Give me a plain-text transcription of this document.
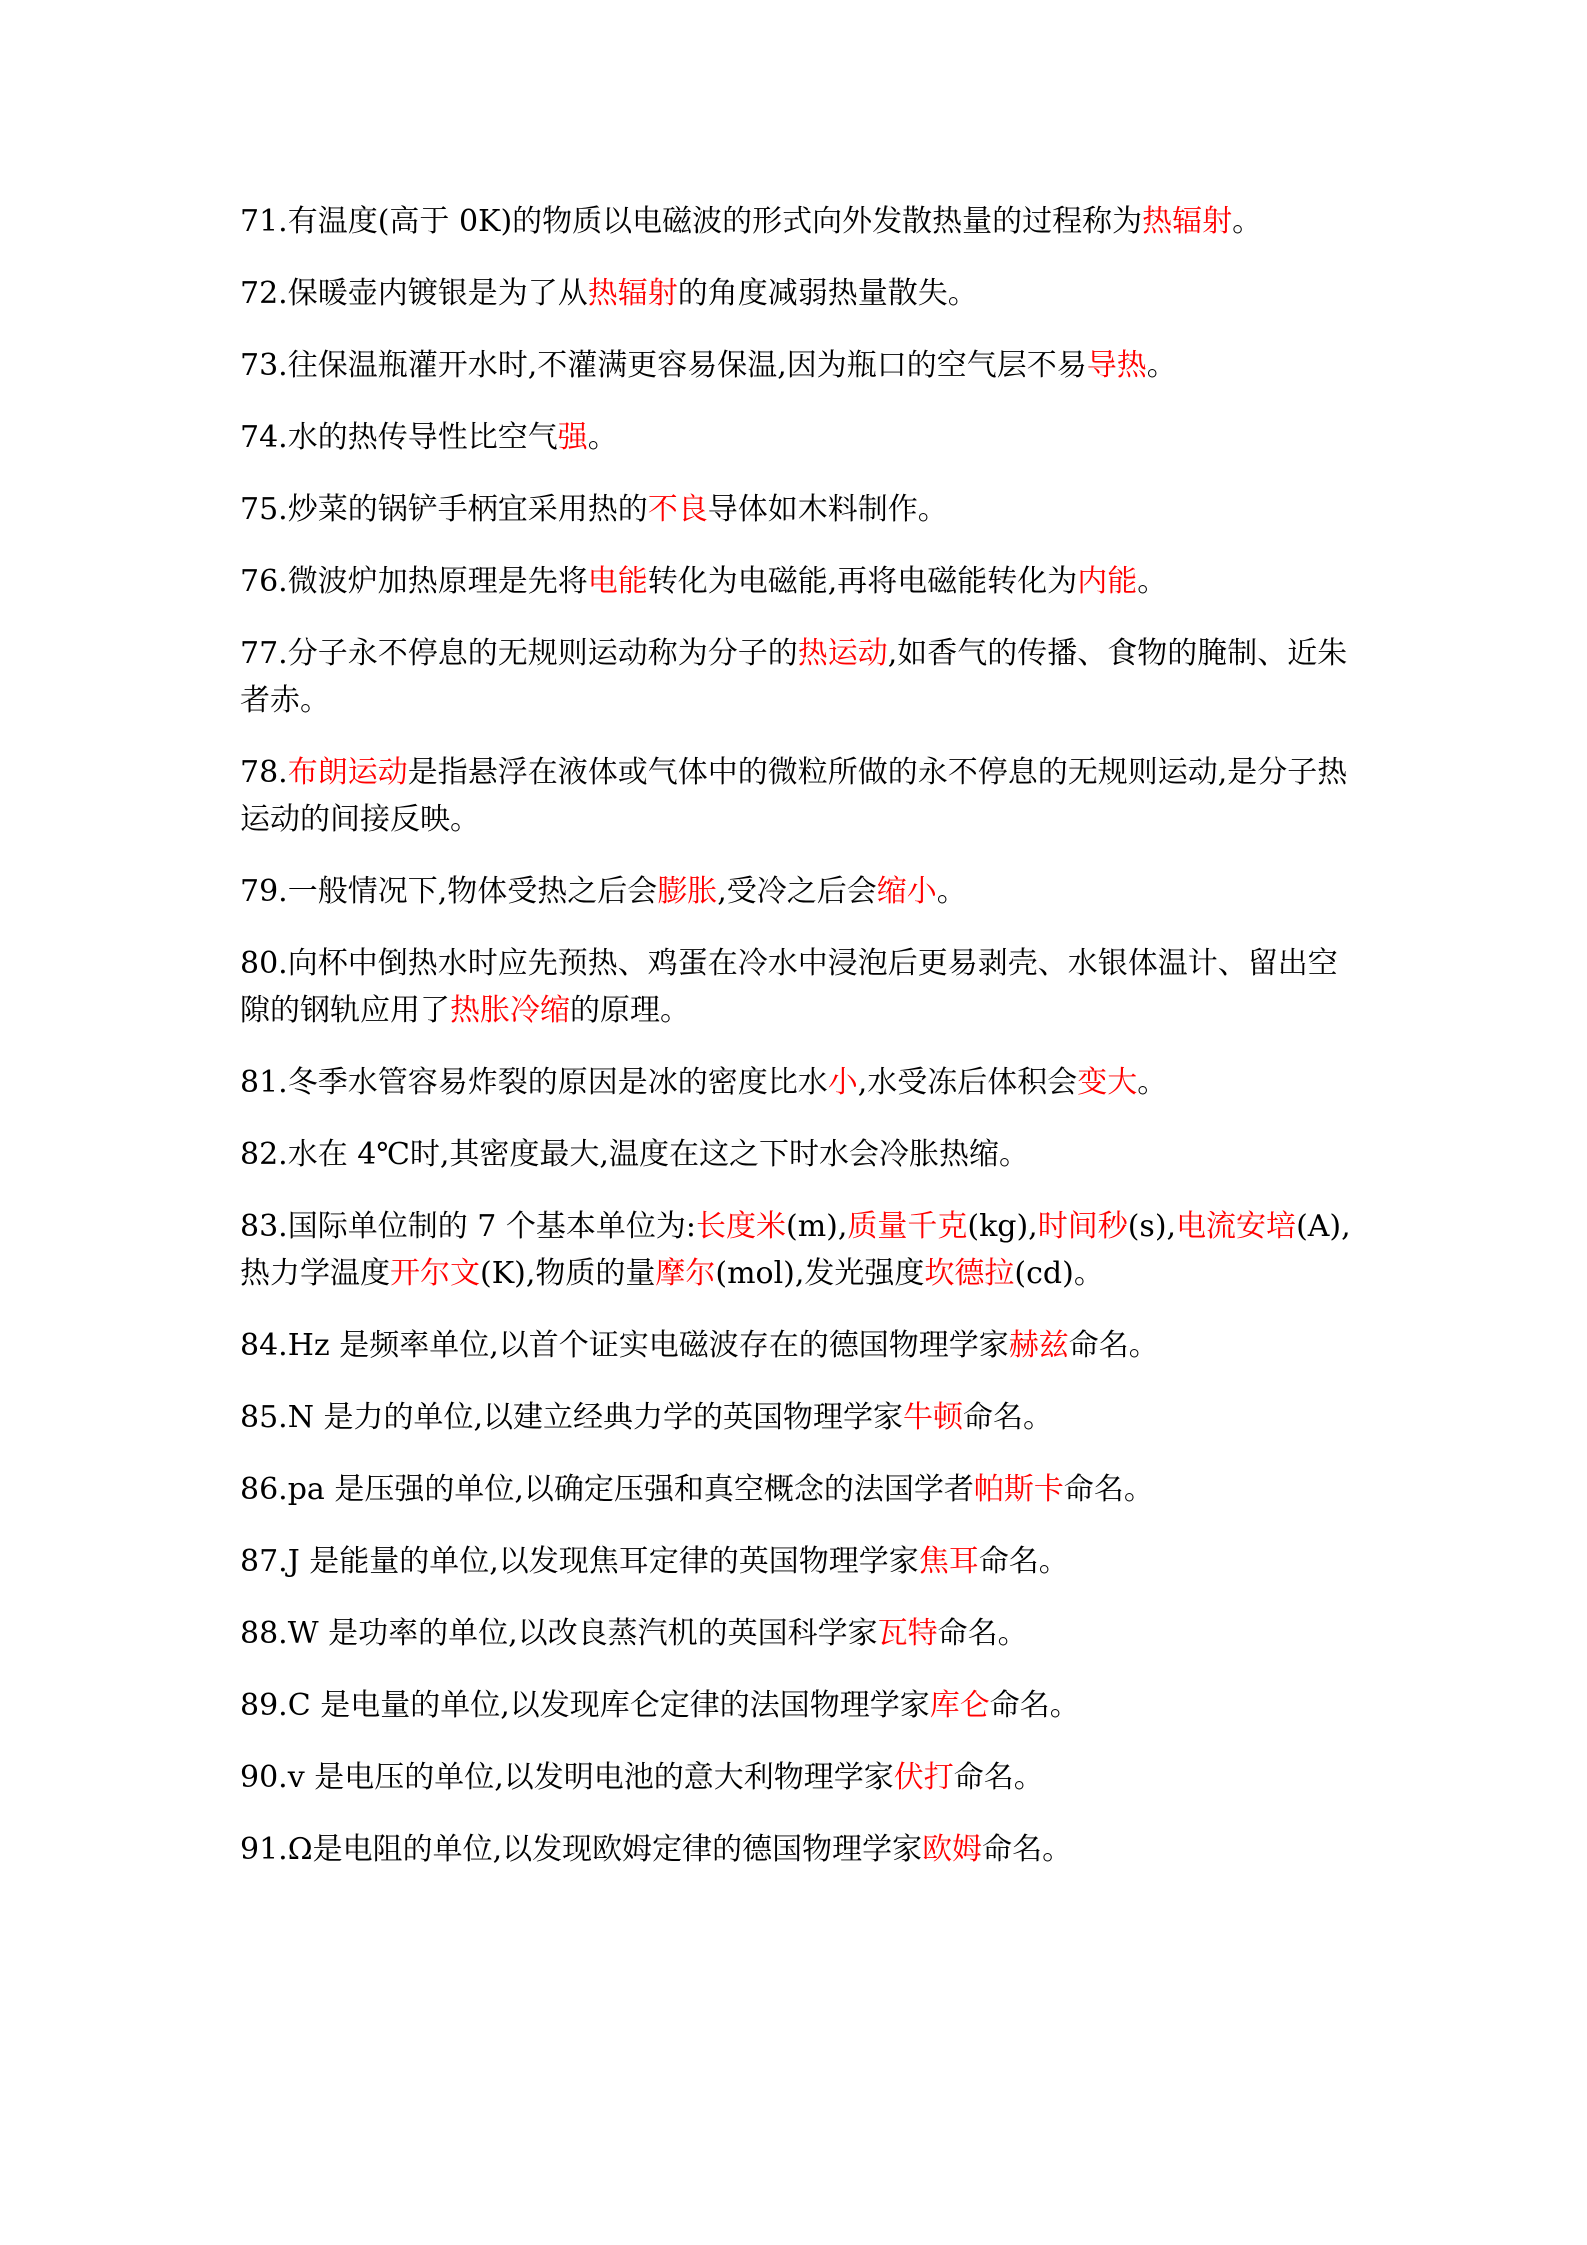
71.有温度(高于 0K)的物质以电磁波的形式向外发散热量的过程称为热辐射。

72.保暖壶内镀银是为了从热辐射的角度减弱热量散失。

73.往保温瓶灌开水时,不灌满更容易保温,因为瓶口的空气层不易导热。

74.水的热传导性比空气强。

75.炒菜的锅铲手柄宜采用热的不良导体如木料制作。

76.微波炉加热原理是先将电能转化为电磁能,再将电磁能转化为内能。

77.分子永不停息的无规则运动称为分子的热运动,如香气的传播、食物的腌制、近朱者赤。

78.布朗运动是指悬浮在液体或气体中的微粒所做的永不停息的无规则运动,是分子热运动的间接反映。

79.一般情况下,物体受热之后会膨胀,受冷之后会缩小。

80.向杯中倒热水时应先预热、鸡蛋在冷水中浸泡后更易剥壳、水银体温计、留出空隙的钢轨应用了热胀冷缩的原理。

81.冬季水管容易炸裂的原因是冰的密度比水小,水受冻后体积会变大。

82.水在 4℃时,其密度最大,温度在这之下时水会冷胀热缩。

83.国际单位制的 7 个基本单位为:长度米(m),质量千克(kg),时间秒(s),电流安培(A),热力学温度开尔文(K),物质的量摩尔(mol),发光强度坎德拉(cd)。

84.Hz 是频率单位,以首个证实电磁波存在的德国物理学家赫兹命名。

85.N 是力的单位,以建立经典力学的英国物理学家牛顿命名。

86.pa 是压强的单位,以确定压强和真空概念的法国学者帕斯卡命名。

87.J 是能量的单位,以发现焦耳定律的英国物理学家焦耳命名。

88.W 是功率的单位,以改良蒸汽机的英国科学家瓦特命名。

89.C 是电量的单位,以发现库仑定律的法国物理学家库仑命名。

90.v 是电压的单位,以发明电池的意大利物理学家伏打命名。

91.Ω是电阻的单位,以发现欧姆定律的德国物理学家欧姆命名。
